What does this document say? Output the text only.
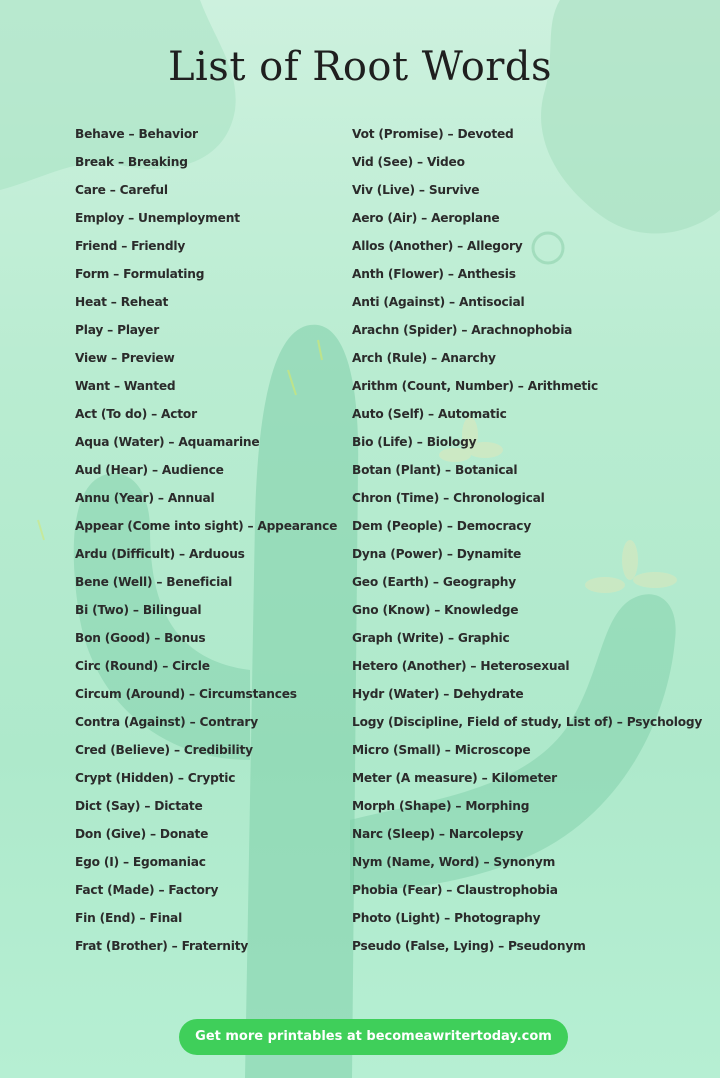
List of Root Words
Behave – Behavior
Break – Breaking
Care – Careful
Employ – Unemployment
Friend – Friendly
Form – Formulating
Heat – Reheat
Play – Player
View – Preview
Want – Wanted
Act (To do) – Actor
Aqua (Water) – Aquamarine
Aud (Hear) – Audience
Annu (Year) – Annual
Appear (Come into sight) – Appearance
Ardu (Difficult) – Arduous
Bene (Well) – Beneficial
Bi (Two) – Bilingual
Bon (Good) – Bonus
Circ (Round) – Circle
Circum (Around) – Circumstances
Contra (Against) – Contrary
Cred (Believe) – Credibility
Crypt (Hidden) – Cryptic
Dict (Say) – Dictate
Don (Give) – Donate
Ego (I) – Egomaniac
Fact (Made) – Factory
Fin (End) – Final
Frat (Brother) – Fraternity
Vot (Promise) – Devoted
Vid (See) – Video
Viv (Live) – Survive
Aero (Air) – Aeroplane
Allos (Another) – Allegory
Anth (Flower) – Anthesis
Anti (Against) – Antisocial
Arachn (Spider) – Arachnophobia
Arch (Rule) – Anarchy
Arithm (Count, Number) – Arithmetic
Auto (Self) – Automatic
Bio (Life) – Biology
Botan (Plant) – Botanical
Chron (Time) – Chronological
Dem (People) – Democracy
Dyna (Power) – Dynamite
Geo (Earth) – Geography
Gno (Know) – Knowledge
Graph (Write) – Graphic
Hetero (Another) – Heterosexual
Hydr (Water) – Dehydrate
Logy (Discipline, Field of study, List of) – Psychology
Micro (Small) – Microscope
Meter (A measure) – Kilometer
Morph (Shape) – Morphing
Narc (Sleep) – Narcolepsy
Nym (Name, Word) – Synonym
Phobia (Fear) – Claustrophobia
Photo (Light) – Photography
Pseudo (False, Lying) – Pseudonym
Get more printables at becomeawritertoday.com
